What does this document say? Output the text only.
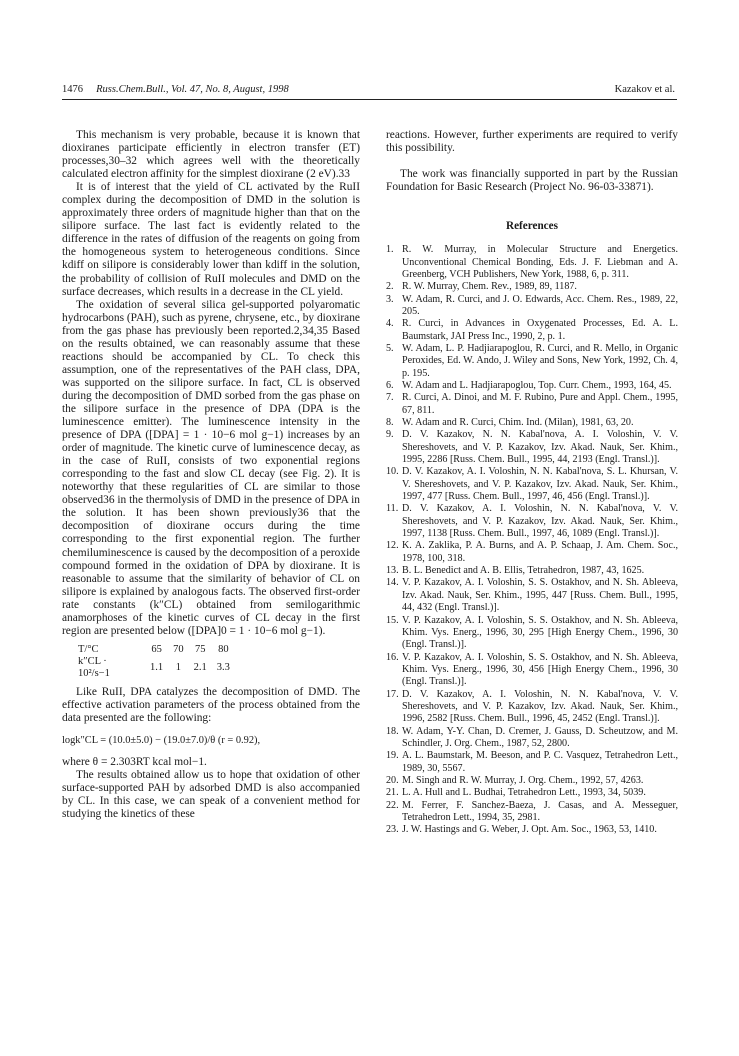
1476 Russ.Chem.Bull., Vol. 47, No. 8, August, 1998	Kazakov et al.

This mechanism is very probable, because it is known that dioxiranes participate efficiently in electron transfer (ET) processes,30–32 which agrees well with the theoretically calculated electron affinity for the simplest dioxirane (2 eV).33

It is of interest that the yield of CL activated by the RuII complex during the decomposition of DMD in the solution is approximately three orders of magnitude higher than that on the silipore surface. The last fact is evidently related to the difference in the rates of diffusion of the reagents on going from the homogeneous system to heterogeneous conditions. Since kdiff on silipore is considerably lower than kdiff in the solution, the probability of collision of RuII molecules and DMD on the surface decreases, which results in a decrease in the CL yield.

The oxidation of several silica gel-supported polyaromatic hydrocarbons (PAH), such as pyrene, chrysene, etc., by dioxirane from the gas phase has previously been reported.2,34,35 Based on the results obtained, we can reasonably assume that these reactions should be accompanied by CL. To check this assumption, one of the representatives of the PAH class, DPA, was supported on the silipore surface. In fact, CL is observed during the decomposition of DMD sorbed from the gas phase on the silipore surface in the presence of DPA (DPA is the luminescence emitter). The luminescence intensity in the presence of DPA ([DPA] = 1 · 10−6 mol g−1) increases by an order of magnitude. The kinetic curve of luminescence decay, as in the case of RuII, consists of two exponential regions corresponding to the fast and slow CL decay (see Fig. 2). It is noteworthy that these regularities of CL are similar to those observed36 in the thermolysis of DMD in the presence of DPA in the solution. It has been shown previously36 that the decomposition of dioxirane occurs during the time corresponding to the first exponential region. The further chemiluminescence is caused by the decomposition of a peroxide compound formed in the oxidation of DPA by dioxirane. It is reasonable to assume that the similarity of behavior of CL on silipore is explained by analogous facts. The observed first-order rate constants (k″CL) obtained from semilogarithmic anamorphoses of the kinetic curves of CL decay in the first region are presented below ([DPA]0 = 1 · 10−6 mol g−1).

T/°C	65	70	75	80
k″CL · 10²/s−1	1.1	1	2.1	3.3

Like RuII, DPA catalyzes the decomposition of DMD. The effective activation parameters of the process obtained from the data presented are the following:

logk″CL = (10.0±5.0) − (19.0±7.0)/θ (r = 0.92),

where θ = 2.303RT kcal mol−1.

The results obtained allow us to hope that oxidation of other surface-supported PAH by adsorbed DMD is also accompanied by CL. In this case, we can speak of a convenient method for studying the kinetics of these

reactions. However, further experiments are required to verify this possibility.

The work was financially supported in part by the Russian Foundation for Basic Research (Project No. 96-03-33871).

References
1. R. W. Murray, in Molecular Structure and Energetics. Unconventional Chemical Bonding, Eds. J. F. Liebman and A. Greenberg, VCH Publishers, New York, 1988, 6, p. 311.
2. R. W. Murray, Chem. Rev., 1989, 89, 1187.
3. W. Adam, R. Curci, and J. O. Edwards, Acc. Chem. Res., 1989, 22, 205.
4. R. Curci, in Advances in Oxygenated Processes, Ed. A. L. Baumstark, JAI Press Inc., 1990, 2, p. 1.
5. W. Adam, L. P. Hadjiarapoglou, R. Curci, and R. Mello, in Organic Peroxides, Ed. W. Ando, J. Wiley and Sons, New York, 1992, Ch. 4, p. 195.
6. W. Adam and L. Hadjiarapoglou, Top. Curr. Chem., 1993, 164, 45.
7. R. Curci, A. Dinoi, and M. F. Rubino, Pure and Appl. Chem., 1995, 67, 811.
8. W. Adam and R. Curci, Chim. Ind. (Milan), 1981, 63, 20.
9. D. V. Kazakov, N. N. Kabal'nova, A. I. Voloshin, V. V. Shereshovets, and V. P. Kazakov, Izv. Akad. Nauk, Ser. Khim., 1995, 2286 [Russ. Chem. Bull., 1995, 44, 2193 (Engl. Transl.)].
10. D. V. Kazakov, A. I. Voloshin, N. N. Kabal'nova, S. L. Khursan, V. V. Shereshovets, and V. P. Kazakov, Izv. Akad. Nauk, Ser. Khim., 1997, 477 [Russ. Chem. Bull., 1997, 46, 456 (Engl. Transl.)].
11. D. V. Kazakov, A. I. Voloshin, N. N. Kabal'nova, V. V. Shereshovets, and V. P. Kazakov, Izv. Akad. Nauk, Ser. Khim., 1997, 1138 [Russ. Chem. Bull., 1997, 46, 1089 (Engl. Transl.)].
12. K. A. Zaklika, P. A. Burns, and A. P. Schaap, J. Am. Chem. Soc., 1978, 100, 318.
13. B. L. Benedict and A. B. Ellis, Tetrahedron, 1987, 43, 1625.
14. V. P. Kazakov, A. I. Voloshin, S. S. Ostakhov, and N. Sh. Ableeva, Izv. Akad. Nauk, Ser. Khim., 1995, 447 [Russ. Chem. Bull., 1995, 44, 432 (Engl. Transl.)].
15. V. P. Kazakov, A. I. Voloshin, S. S. Ostakhov, and N. Sh. Ableeva, Khim. Vys. Energ., 1996, 30, 295 [High Energy Chem., 1996, 30 (Engl. Transl.)].
16. V. P. Kazakov, A. I. Voloshin, S. S. Ostakhov, and N. Sh. Ableeva, Khim. Vys. Energ., 1996, 30, 456 [High Energy Chem., 1996, 30 (Engl. Transl.)].
17. D. V. Kazakov, A. I. Voloshin, N. N. Kabal'nova, V. V. Shereshovets, and V. P. Kazakov, Izv. Akad. Nauk, Ser. Khim., 1996, 2582 [Russ. Chem. Bull., 1996, 45, 2452 (Engl. Transl.)].
18. W. Adam, Y-Y. Chan, D. Cremer, J. Gauss, D. Scheutzow, and M. Schindler, J. Org. Chem., 1987, 52, 2800.
19. A. L. Baumstark, M. Beeson, and P. C. Vasquez, Tetrahedron Lett., 1989, 30, 5567.
20. M. Singh and R. W. Murray, J. Org. Chem., 1992, 57, 4263.
21. L. A. Hull and L. Budhai, Tetrahedron Lett., 1993, 34, 5039.
22. M. Ferrer, F. Sanchez-Baeza, J. Casas, and A. Messeguer, Tetrahedron Lett., 1994, 35, 2981.
23. J. W. Hastings and G. Weber, J. Opt. Am. Soc., 1963, 53, 1410.
